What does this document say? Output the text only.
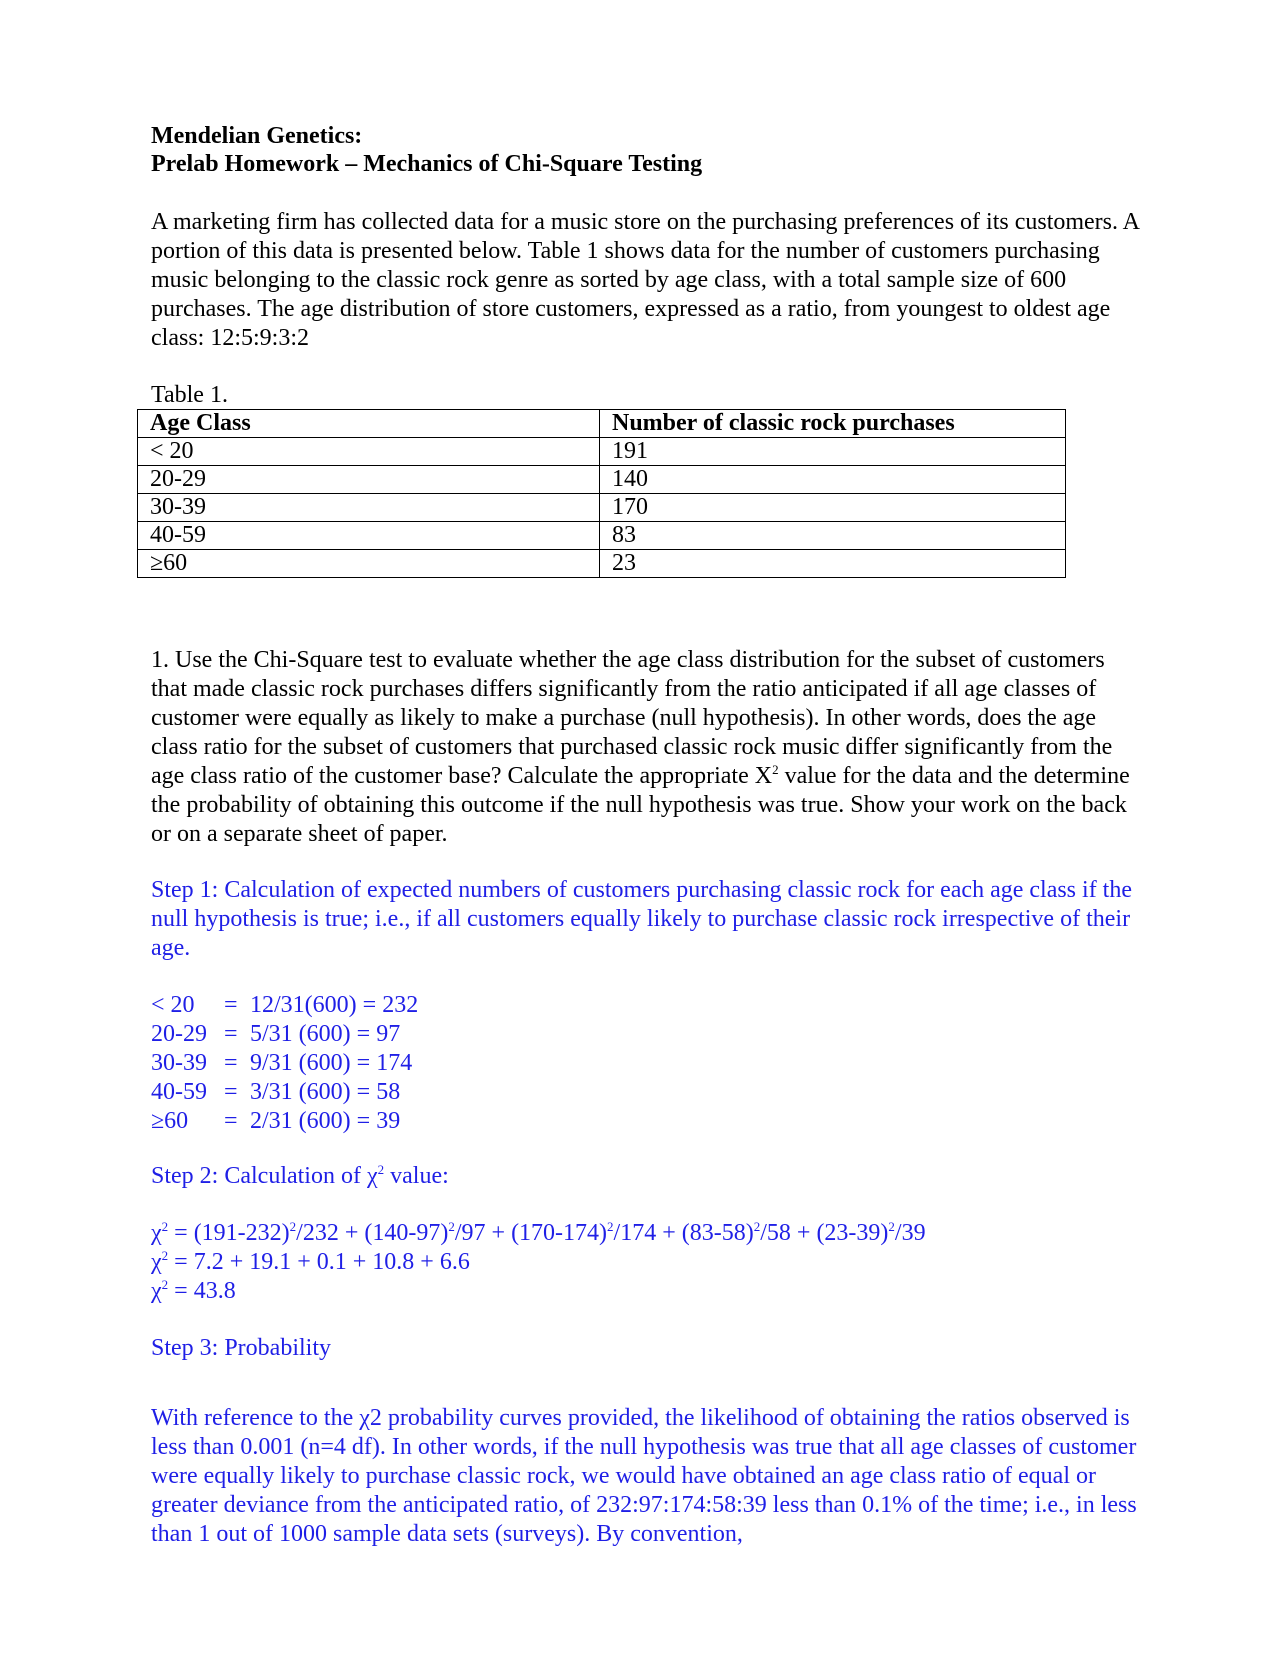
Mendelian Genetics:
Prelab Homework – Mechanics of Chi-Square Testing
A marketing firm has collected data for a music store on the purchasing preferences of its customers. A portion of this data is presented below. Table 1 shows data for the number of customers purchasing music belonging to the classic rock genre as sorted by age class, with a total sample size of 600 purchases. The age distribution of store customers, expressed as a ratio, from youngest to oldest age class: 12:5:9:3:2
Table 1.
Age Class	Number of classic rock purchases
< 20	191
20-29	140
30-39	170
40-59	83
≥60	23
1. Use the Chi-Square test to evaluate whether the age class distribution for the subset of customers that made classic rock purchases differs significantly from the ratio anticipated if all age classes of customer were equally as likely to make a purchase (null hypothesis). In other words, does the age class ratio for the subset of customers that purchased classic rock music differ significantly from the age class ratio of the customer base? Calculate the appropriate $X^2$ value for the data and the determine the probability of obtaining this outcome if the null hypothesis was true. Show your work on the back or on a separate sheet of paper.
Step 1: Calculation of expected numbers of customers purchasing classic rock for each age class if the null hypothesis is true; i.e., if all customers equally likely to purchase classic rock irrespective of their age.
< 20	=	12/31(600) = 232
20-29	=	5/31 (600) = 97
30-39	=	9/31 (600) = 174
40-59	=	3/31 (600) = 58
≥60	=	2/31 (600) = 39
Step 2: Calculation of $\chi^2$ value:
$\chi^2 = (191-232)^2/232 + (140-97)^2/97 + (170-174)^2/174 + (83-58)^2/58 + (23-39)^2/39$
$\chi^2 = 7.2 + 19.1 + 0.1 + 10.8 + 6.6$
$\chi^2 = 43.8$
Step 3: Probability
With reference to the χ2 probability curves provided, the likelihood of obtaining the ratios observed is less than 0.001 (n=4 df). In other words, if the null hypothesis was true that all age classes of customer were equally likely to purchase classic rock, we would have obtained an age class ratio of equal or greater deviance from the anticipated ratio, of 232:97:174:58:39 less than 0.1% of the time; i.e., in less than 1 out of 1000 sample data sets (surveys). By convention,
